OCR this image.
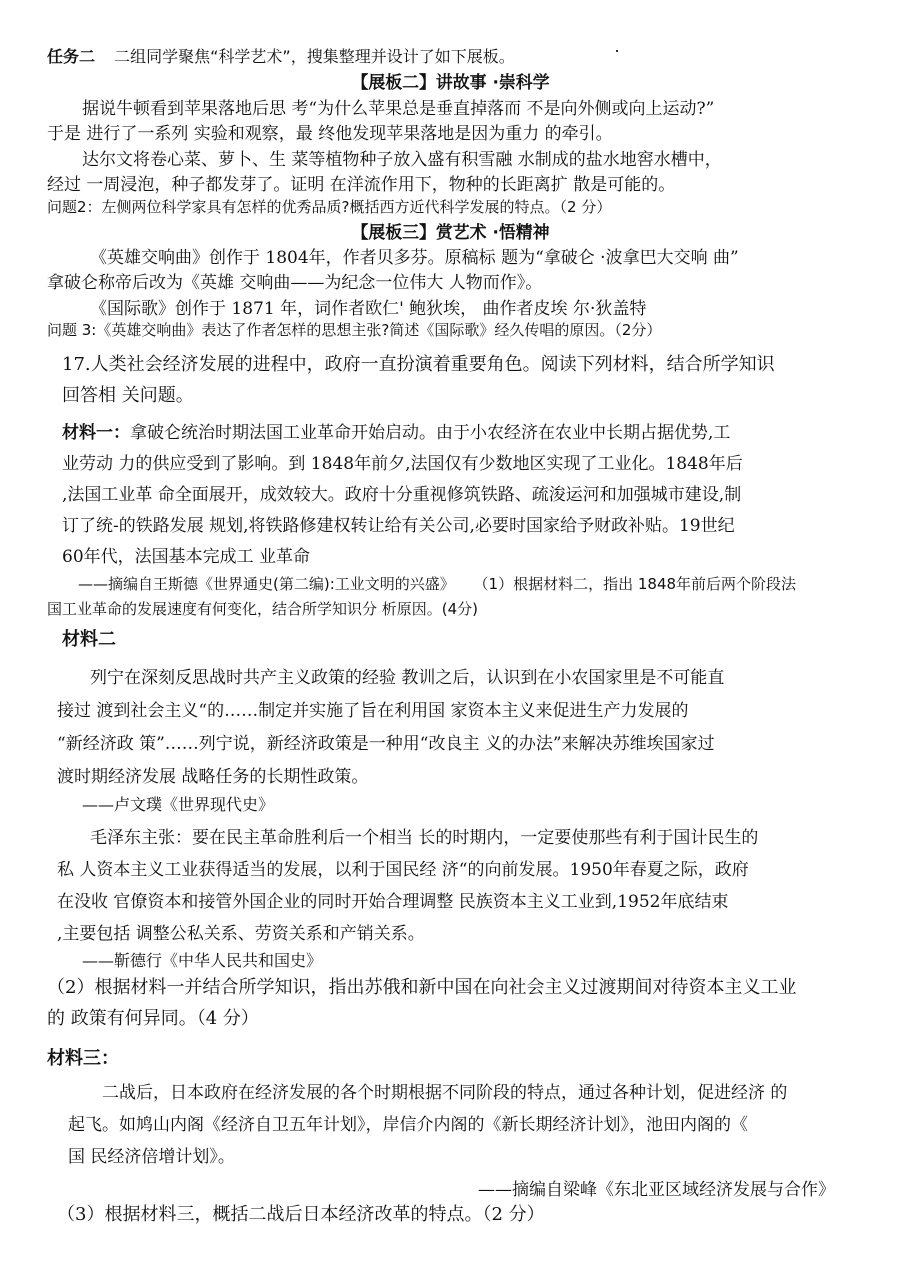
任务二 二组同学聚焦“科学艺术”，搜集整理并设计了如下展板。
【展板二】讲故事 ·崇科学
据说牛顿看到苹果落地后思 考“为什么苹果总是垂直掉落而 不是向外侧或向上运动?”
于是 进行了一系列 实验和观察，最 终他发现苹果落地是因为重力 的牵引。
达尔文将卷心菜、萝卜、生 菜等植物种子放入盛有积雪融 水制成的盐水地窖水槽中，
经过 一周浸泡，种子都发芽了。证明 在洋流作用下，物种的长距离扩 散是可能的。
问题2：左侧两位科学家具有怎样的优秀品质?概括西方近代科学发展的特点。（2 分）
【展板三】赏艺术 ·悟精神
《英雄交响曲》创作于 1804年，作者贝多芬。原稿标 题为“拿破仑 ·波拿巴大交响 曲”
拿破仑称帝后改为《英雄 交响曲——为纪念一位伟大 人物而作》。
《国际歌》创作于 1871 年，词作者欧仁' 鲍狄埃， 曲作者皮埃 尔·狄盖特
问题 3:《英雄交响曲》表达了作者怎样的思想主张?简述《国际歌》经久传唱的原因。（2分）
17.人类社会经济发展的进程中，政府一直扮演着重要角色。阅读下列材料，结合所学知识
回答相 关问题。
材料一：拿破仑统治时期法国工业革命开始启动。由于小农经济在农业中长期占据优势,工
业劳动 力的供应受到了影响。到 1848年前夕,法国仅有少数地区实现了工业化。1848年后
,法国工业革 命全面展开，成效较大。政府十分重视修筑铁路、疏浚运河和加强城市建设,制
订了统-的铁路发展 规划,将铁路修建权转让给有关公司,必要时国家给予财政补贴。19世纪
60年代，法国基本完成工 业革命
——摘编自王斯德《世界通史(第二编):工业文明的兴盛》 （1）根据材料二，指出 1848年前后两个阶段法
国工业革命的发展速度有何变化，结合所学知识分 析原因。(4分)
材料二
列宁在深刻反思战时共产主义政策的经验 教训之后，认识到在小农国家里是不可能直
接过 渡到社会主义“的……制定并实施了旨在利用国 家资本主义来促进生产力发展的
“新经济政 策”……列宁说，新经济政策是一种用“改良主 义的办法”来解决苏维埃国家过
渡时期经济发展 战略任务的长期性政策。
——卢文璞《世界现代史》
毛泽东主张：要在民主革命胜利后一个相当 长的时期内，一定要使那些有利于国计民生的
私 人资本主义工业获得适当的发展，以利于国民经 济“的向前发展。1950年春夏之际，政府
在没收 官僚资本和接管外国企业的同时开始合理调整 民族资本主义工业到,1952年底结束
,主要包括 调整公私关系、劳资关系和产销关系。
——靳德行《中华人民共和国史》
（2）根据材料一并结合所学知识，指出苏俄和新中国在向社会主义过渡期间对待资本主义工业
的 政策有何异同。（4 分）
材料三：
二战后，日本政府在经济发展的各个时期根据不同阶段的特点，通过各种计划，促进经济 的
起飞。如鸠山内阁《经济自卫五年计划》，岸信介内阁的《新长期经济计划》，池田内阁的《
国 民经济倍增计划》。
——摘编自梁峰《东北亚区域经济发展与合作》
（3）根据材料三，概括二战后日本经济改革的特点。（2 分）
